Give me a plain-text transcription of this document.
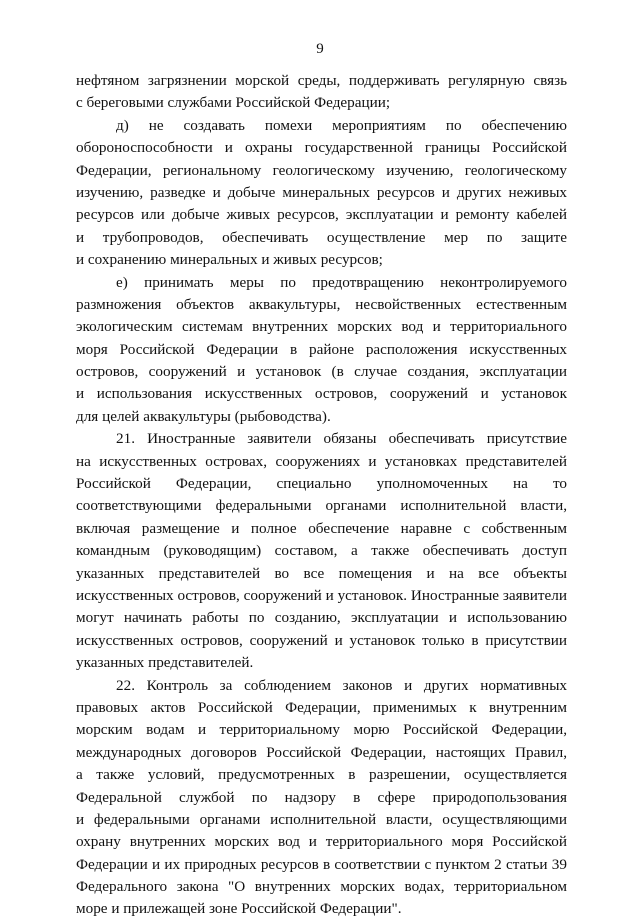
9
нефтяном загрязнении морской среды, поддерживать регулярную связь
с береговыми службами Российской Федерации;
д) не создавать помехи мероприятиям по обеспечению
обороноспособности и охраны государственной границы Российской
Федерации, региональному геологическому изучению, геологическому
изучению, разведке и добыче минеральных ресурсов и других неживых
ресурсов или добыче живых ресурсов, эксплуатации и ремонту кабелей
и трубопроводов, обеспечивать осуществление мер по защите
и сохранению минеральных и живых ресурсов;
е) принимать меры по предотвращению неконтролируемого
размножения объектов аквакультуры, несвойственных естественным
экологическим системам внутренних морских вод и территориального
моря Российской Федерации в районе расположения искусственных
островов, сооружений и установок (в случае создания, эксплуатации
и использования искусственных островов, сооружений и установок
для целей аквакультуры (рыбоводства).
21. Иностранные заявители обязаны обеспечивать присутствие
на искусственных островах, сооружениях и установках представителей
Российской Федерации, специально уполномоченных на то
соответствующими федеральными органами исполнительной власти,
включая размещение и полное обеспечение наравне с собственным
командным (руководящим) составом, а также обеспечивать доступ
указанных представителей во все помещения и на все объекты
искусственных островов, сооружений и установок. Иностранные заявители
могут начинать работы по созданию, эксплуатации и использованию
искусственных островов, сооружений и установок только в присутствии
указанных представителей.
22. Контроль за соблюдением законов и других нормативных
правовых актов Российской Федерации, применимых к внутренним
морским водам и территориальному морю Российской Федерации,
международных договоров Российской Федерации, настоящих Правил,
а также условий, предусмотренных в разрешении, осуществляется
Федеральной службой по надзору в сфере природопользования
и федеральными органами исполнительной власти, осуществляющими
охрану внутренних морских вод и территориального моря Российской
Федерации и их природных ресурсов в соответствии с пунктом 2 статьи 39
Федерального закона "О внутренних морских водах, территориальном
море и прилежащей зоне Российской Федерации".
